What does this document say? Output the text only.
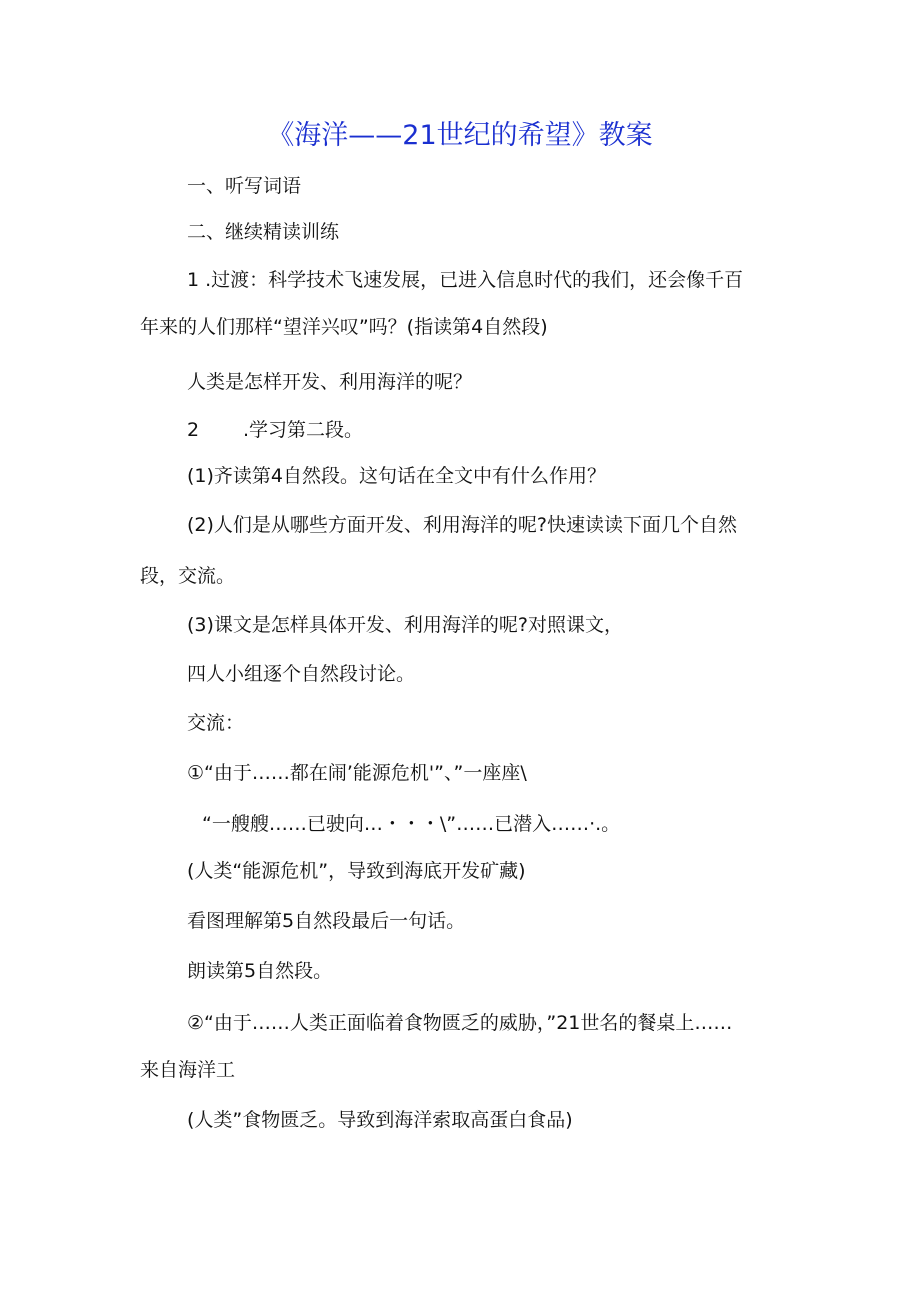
《海洋——21世纪的希望》教案
一、听写词语
二、继续精读训练
1 .过渡：科学技术飞速发展，已进入信息时代的我们，还会像千百
年来的人们那样“望洋兴叹”吗？(指读第4自然段)
人类是怎样开发、利用海洋的呢？
2 .学习第二段。
(1)齐读第4自然段。这句话在全文中有什么作用？
(2)人们是从哪些方面开发、利用海洋的呢?快速读读下面几个自然
段，交流。
(3)课文是怎样具体开发、利用海洋的呢?对照课文，
四人小组逐个自然段讨论。
交流：
①“由于……都在闹’能源危机'”、”一座座\
“一艘艘……已驶向…・・・\”……已潜入……·.。
(人类“能源危机”，导致到海底开发矿藏)
看图理解第5自然段最后一句话。
朗读第5自然段。
②“由于……人类正面临着食物匮乏的威胁，”21世名的餐桌上……
来自海洋工
(人类”食物匮乏。导致到海洋索取高蛋白食品)
